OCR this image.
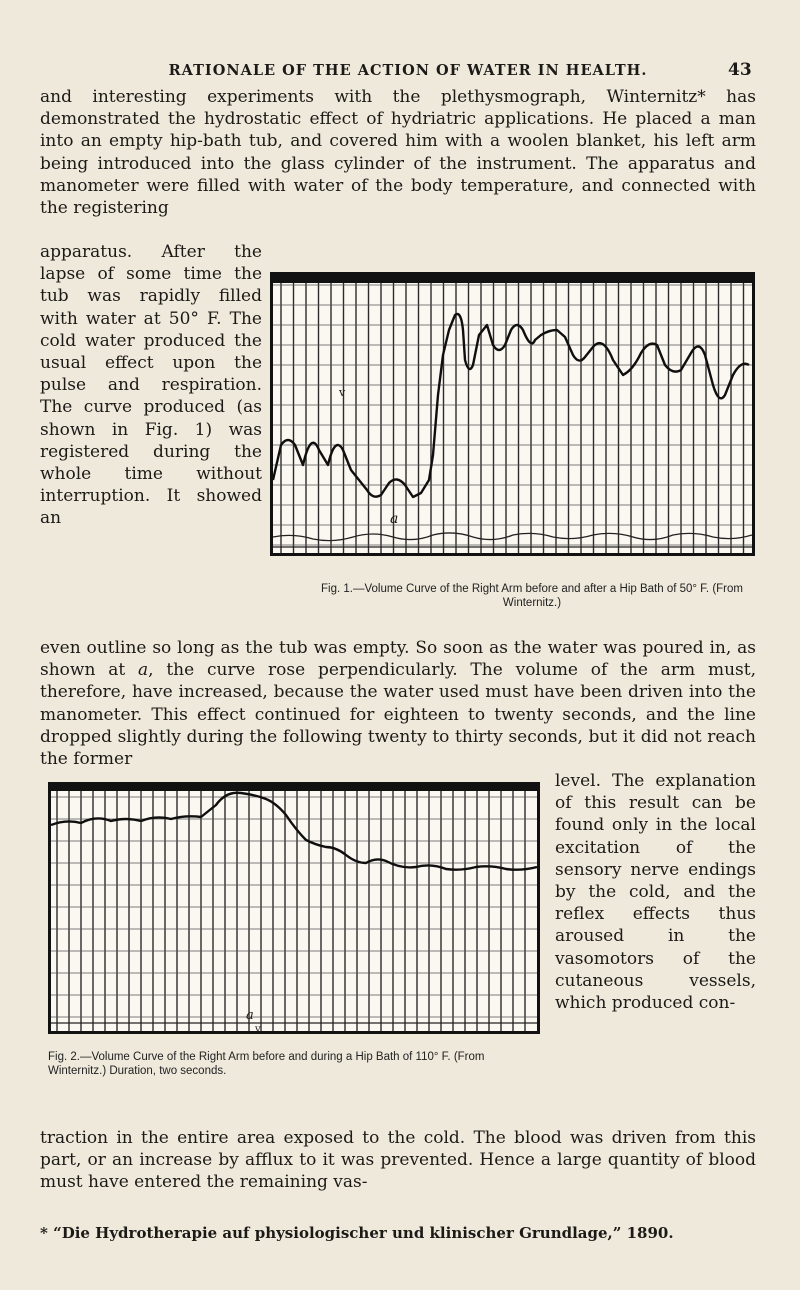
RATIONALE OF THE ACTION OF WATER IN HEALTH.	43

and interesting experiments with the plethysmograph, Winternitz* has demonstrated the hydrostatic effect of hydriatric applications. He placed a man into an empty hip-bath tub, and covered him with a woolen blanket, his left arm being introduced into the glass cylinder of the instrument. The apparatus and manometer were filled with water of the body temperature, and connected with the registering

apparatus. After the lapse of some time the tub was rapidly filled with water at 50° F. The cold water produced the usual effect upon the pulse and respiration. The curve produced (as shown in Fig. 1) was registered during the whole time without interruption. It showed an	a
v

Fig. 1.—Volume Curve of the Right Arm before and after a Hip Bath of 50° F. (From Winternitz.)

even outline so long as the tub was empty. So soon as the water was poured in, as shown at a, the curve rose perpendicularly. The volume of the arm must, therefore, have increased, because the water used must have been driven into the manometer. This effect continued for eighteen to twenty seconds, and the line dropped slightly during the following twenty to thirty seconds, but it did not reach the former

level. The explanation of this result can be found only in the local excitation of the sensory nerve endings by the cold, and the reflex effects thus aroused in the vasomotors of the cutaneous vessels, which produced con-

a
v

Fig. 2.—Volume Curve of the Right Arm before and during a Hip Bath of 110° F. (From Winternitz.) Duration, two seconds.

traction in the entire area exposed to the cold. The blood was driven from this part, or an increase by afflux to it was prevented. Hence a large quantity of blood must have entered the remaining vas-

* “Die Hydrotherapie auf physiologischer und klinischer Grundlage,” 1890.
